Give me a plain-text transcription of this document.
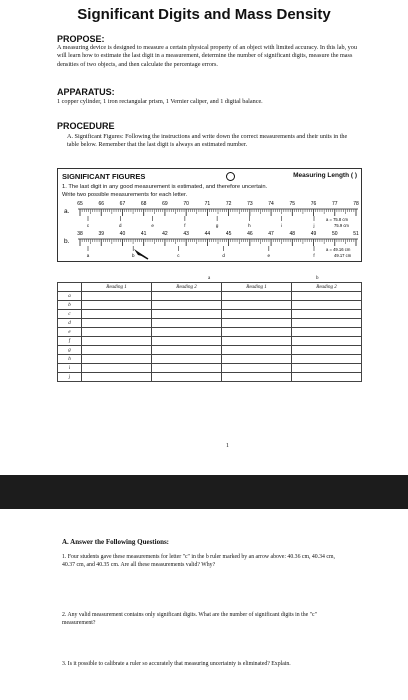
Significant Digits and Mass Density
PROPOSE:
A measuring device is designed to measure a certain physical property of an object with limited accuracy. In this lab, you will learn how to estimate the last digit in a measurement, determine the number of significant digits, measure the mass densities of two objects, and then calculate the percentage errors.
APPARATUS:
1 copper cylinder, 1 iron rectangular prism, 1 Vernier caliper, and 1 digital balance.
PROCEDURE
A. Significant Figures: Following the instructions and write down the correct measurements and their units in the table below. Remember that the last digit is always an estimated number.
SIGNIFICANT FIGURES	Measuring Length ( )
1. The last digit in any good measurement is estimated, and therefore uncertain.
Write two possible measurements for each letter.
a.
65	66	67	68	69	70	71	72	73	74	75	76	77	78
c	d	e	f	g	h	i	j
a = 75.8 cm
75.9 cm
b.
38	39	40	41	42	43	44	45	46	47	48	49	50	51
a	b	c	d	e	f
a = 49.16 cm
49.17 cm
a	b
	Reading 1	Reading 2	Reading 1	Reading 2
a				
b				
c				
d				
e				
f				
g				
h				
i				
j				
1
A. Answer the Following Questions:
1. Four students gave these measurements for letter "c" in the b ruler marked by an arrow above: 40.36 cm, 40.34 cm, 40.37 cm, and 40.35 cm. Are all these measurements valid? Why?
2. Any valid measurement contains only significant digits. What are the number of significant digits in the "c" measurement?
3. Is it possible to calibrate a ruler so accurately that measuring uncertainty is eliminated? Explain.
